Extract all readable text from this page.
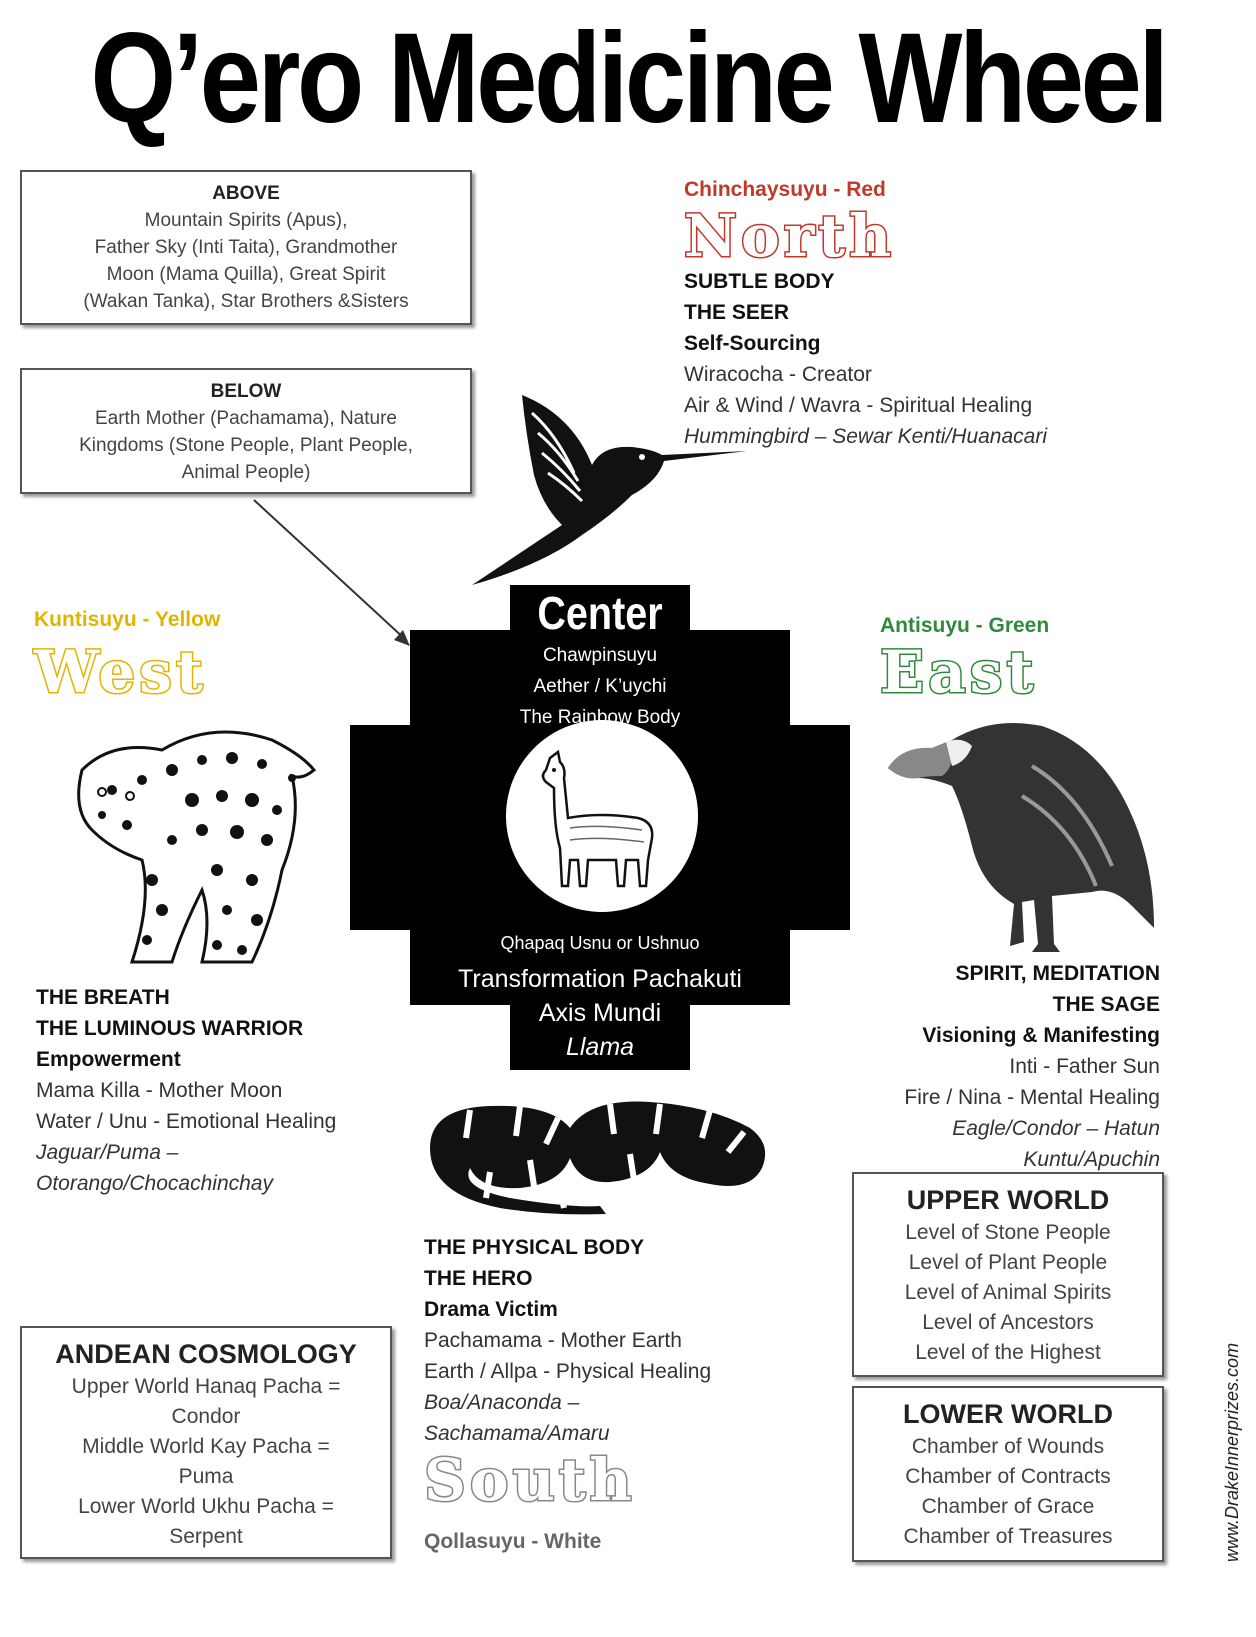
Q’ero Medicine Wheel
ABOVE
Mountain Spirits (Apus),
Father Sky (Inti Taita), Grandmother
Moon (Mama Quilla), Great Spirit
(Wakan Tanka), Star Brothers &Sisters
BELOW
Earth Mother (Pachamama), Nature
Kingdoms (Stone People, Plant People,
Animal People)
Chinchaysuyu - Red
North
SUBTLE BODY
THE SEER
Self-Sourcing
Wiracocha - Creator
Air & Wind / Wavra - Spiritual Healing
Hummingbird – Sewar Kenti/Huanacari
Kuntisuyu - Yellow
West
THE BREATH
THE LUMINOUS WARRIOR
Empowerment
Mama Killa - Mother Moon
Water / Unu - Emotional Healing
Jaguar/Puma –
Otorango/Chocachinchay
Center
Chawpinsuyu
Aether / K’uychi
The Rainbow Body
Qhapaq Usnu or Ushnuo
Transformation Pachakuti
Axis Mundi
Llama
Antisuyu - Green
East
SPIRIT, MEDITATION
THE SAGE
Visioning & Manifesting
Inti - Father Sun
Fire / Nina - Mental Healing
Eagle/Condor – Hatun
Kuntu/Apuchin
THE PHYSICAL BODY
THE HERO
Drama Victim
Pachamama - Mother Earth
Earth / Allpa - Physical Healing
Boa/Anaconda –
Sachamama/Amaru
South
Qollasuyu - White
UPPER WORLD
Level of Stone People
Level of Plant People
Level of Animal Spirits
Level of Ancestors
Level of the Highest
LOWER WORLD
Chamber of Wounds
Chamber of Contracts
Chamber of Grace
Chamber of Treasures
ANDEAN COSMOLOGY
Upper World Hanaq Pacha =
Condor
Middle World Kay Pacha =
Puma
Lower World Ukhu Pacha =
Serpent	www.DrakeInnerprizes.com
